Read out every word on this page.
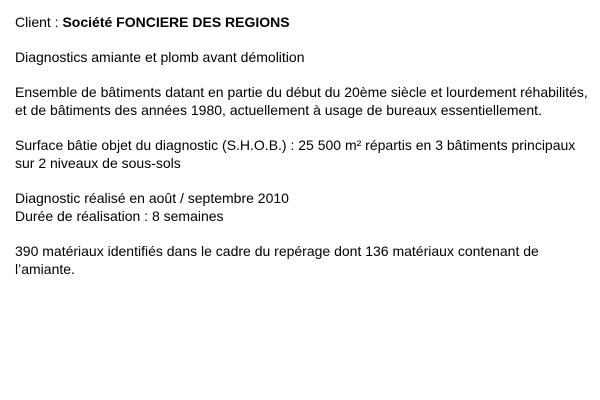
Client : Société FONCIERE DES REGIONS

Diagnostics amiante et plomb avant démolition

Ensemble de bâtiments datant en partie du début du 20ème siècle et lourdement réhabilités,
et de bâtiments des années 1980, actuellement à usage de bureaux essentiellement.

Surface bâtie objet du diagnostic (S.H.O.B.) : 25 500 m² répartis en 3 bâtiments principaux
sur 2 niveaux de sous-sols

Diagnostic réalisé en août / septembre 2010
Durée de réalisation : 8 semaines

390 matériaux identifiés dans le cadre du repérage dont 136 matériaux contenant de
l’amiante.
